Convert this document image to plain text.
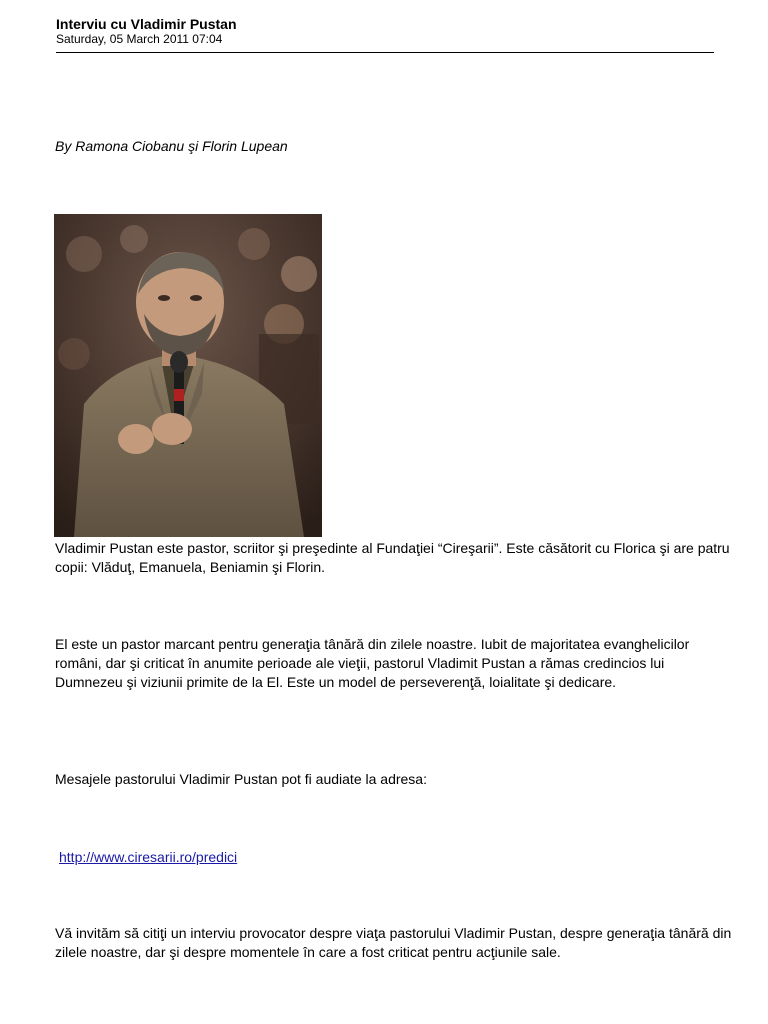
Interviu cu Vladimir Pustan

Saturday, 05 March 2011 07:04

By Ramona Ciobanu şi Florin Lupean

Vladimir Pustan este pastor, scriitor şi preşedinte al Fundaţiei “Cireşarii”. Este căsătorit cu Florica şi are patru copii: Vlăduţ, Emanuela, Beniamin şi Florin.

El este un pastor marcant pentru generaţia tânără din zilele noastre. Iubit de majoritatea evanghelicilor români, dar şi criticat în anumite perioade ale vieţii, pastorul Vladimit Pustan a rămas credincios lui Dumnezeu şi viziunii primite de la El. Este un model de perseverenţă, loialitate şi dedicare.

Mesajele pastorului Vladimir Pustan pot fi audiate la adresa:

http://www.ciresarii.ro/predici

Vă invităm să citiţi un interviu provocator despre viaţa pastorului Vladimir Pustan, despre generaţia tânără din zilele noastre, dar şi despre momentele în care a fost criticat pentru acţiunile sale.
